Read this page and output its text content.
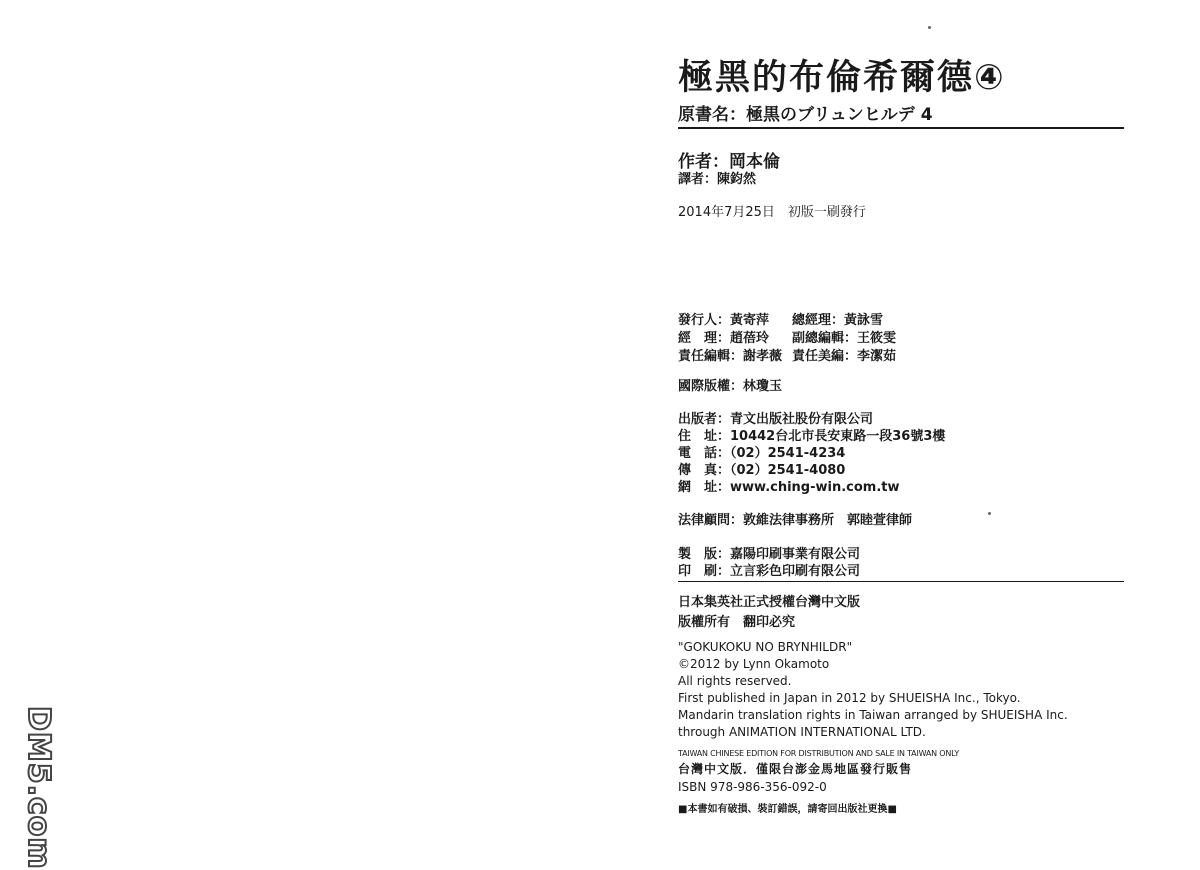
極黑的布倫希爾德④
原書名：極黒のブリュンヒルデ 4
作者：岡本倫
譯者：陳鈞然
2014年7月25日　初版一刷發行
發行人：黃寄萍	總經理：黃詠雪
經　理：趙蓓玲	副總編輯：王筱雯
責任編輯：謝孝薇 責任美編：李潔茹
國際版權：林瓊玉
出版者：青文出版社股份有限公司
住　址：10442台北市長安東路一段36號3樓
電　話：（02）2541-4234
傳　真：（02）2541-4080
網　址：www.ching-win.com.tw
法律顧問：敦維法律事務所　郭睦萱律師
製　版：嘉陽印刷事業有限公司
印　刷：立言彩色印刷有限公司
日本集英社正式授權台灣中文版
版權所有　翻印必究
"GOKUKOKU NO BRYNHILDR"
©2012 by Lynn Okamoto
All rights reserved.
First published in Japan in 2012 by SHUEISHA Inc., Tokyo.
Mandarin translation rights in Taiwan arranged by SHUEISHA Inc.
through ANIMATION INTERNATIONAL LTD.
TAIWAN CHINESE EDITION FOR DISTRIBUTION AND SALE IN TAIWAN ONLY
台灣中文版．僅限台澎金馬地區發行販售
ISBN 978-986-356-092-0
■本書如有破損、裝訂錯誤，請寄回出版社更換■
DM5.com
